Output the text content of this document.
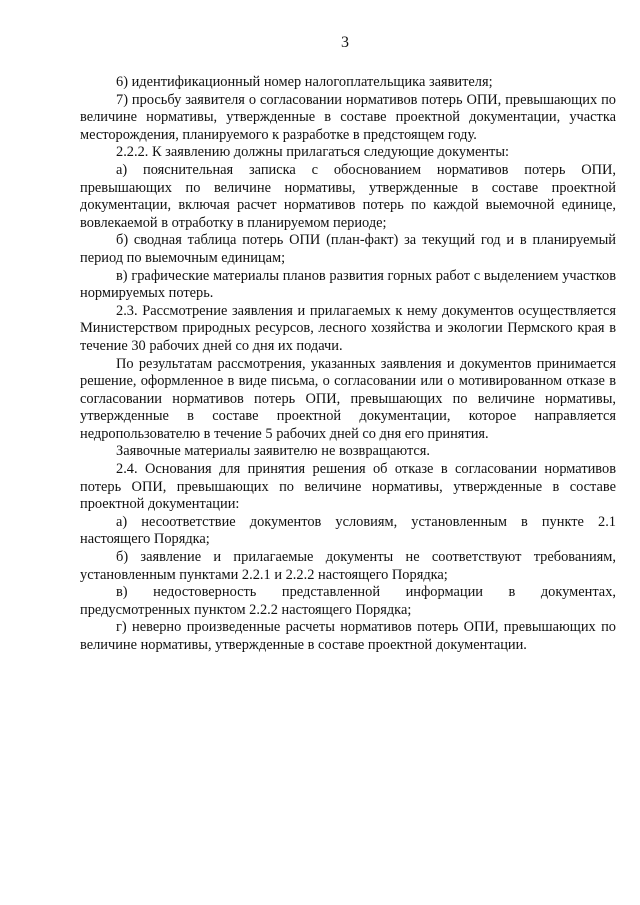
3

6) идентификационный номер налогоплательщика заявителя;

7) просьбу заявителя о согласовании нормативов потерь ОПИ, превышающих по величине нормативы, утвержденные в составе проектной документации, участка месторождения, планируемого к разработке в предстоящем году.

2.2.2. К заявлению должны прилагаться следующие документы:

а) пояснительная записка с обоснованием нормативов потерь ОПИ, превышающих по величине нормативы, утвержденные в составе проектной документации, включая расчет нормативов потерь по каждой выемочной единице, вовлекаемой в отработку в планируемом периоде;

б) сводная таблица потерь ОПИ (план-факт) за текущий год и в планируемый период по выемочным единицам;

в) графические материалы планов развития горных работ с выделением участков нормируемых потерь.

2.3. Рассмотрение заявления и прилагаемых к нему документов осуществляется Министерством природных ресурсов, лесного хозяйства и экологии Пермского края в течение 30 рабочих дней со дня их подачи.

По результатам рассмотрения, указанных заявления и документов принимается решение, оформленное в виде письма, о согласовании или о мотивированном отказе в согласовании нормативов потерь ОПИ, превышающих по величине нормативы, утвержденные в составе проектной документации, которое направляется недропользователю в течение 5 рабочих дней со дня его принятия.

Заявочные материалы заявителю не возвращаются.

2.4. Основания для принятия решения об отказе в согласовании нормативов потерь ОПИ, превышающих по величине нормативы, утвержденные в составе проектной документации:

а) несоответствие документов условиям, установленным в пункте 2.1 настоящего Порядка;

б) заявление и прилагаемые документы не соответствуют требованиям, установленным пунктами 2.2.1 и 2.2.2 настоящего Порядка;

в) недостоверность представленной информации в документах, предусмотренных пунктом 2.2.2 настоящего Порядка;

г) неверно произведенные расчеты нормативов потерь ОПИ, превышающих по величине нормативы, утвержденные в составе проектной документации.
